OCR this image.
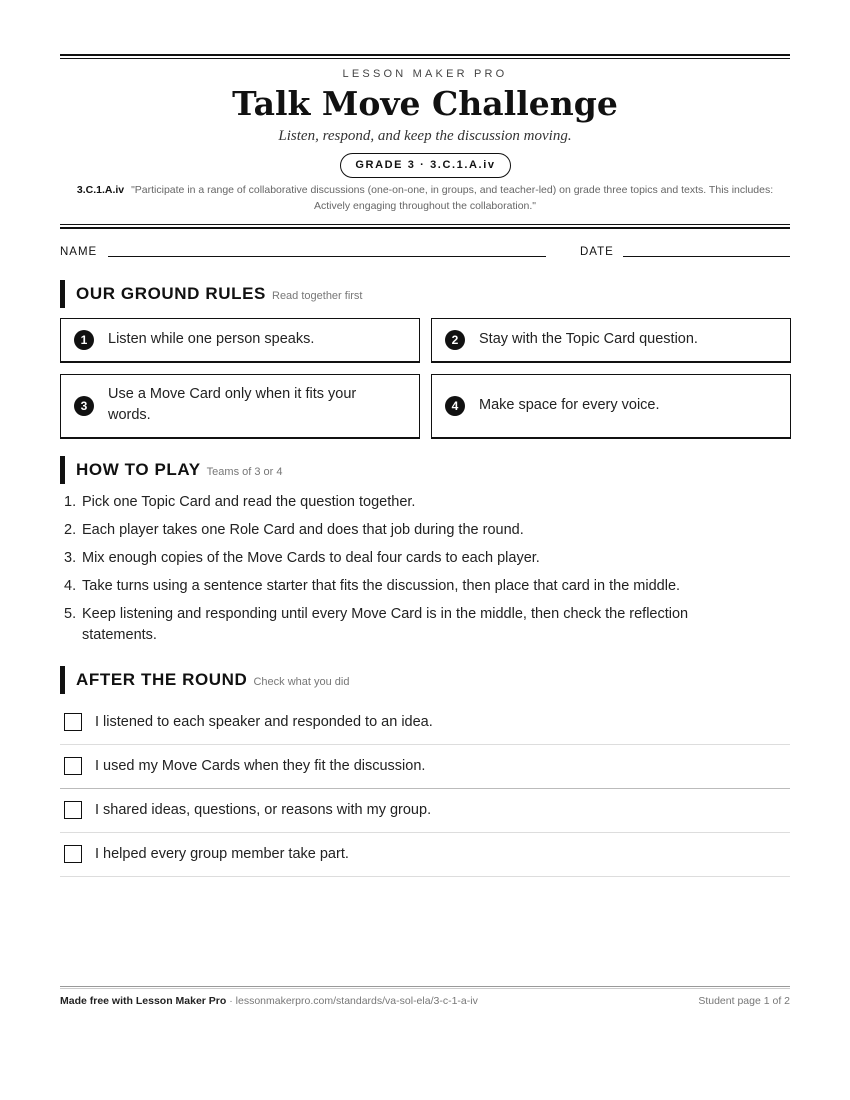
LESSON MAKER PRO
Talk Move Challenge
Listen, respond, and keep the discussion moving.
GRADE 3 · 3.C.1.A.iv
3.C.1.A.iv "Participate in a range of collaborative discussions (one-on-one, in groups, and teacher-led) on grade three topics and texts. This includes: Actively engaging throughout the collaboration."
NAME	DATE
OUR GROUND RULES Read together first
1	Listen while one person speaks.	2	Stay with the Topic Card question.
3
Use a Move Card only when it fits your words.
4	Make space for every voice.
HOW TO PLAY Teams of 3 or 4
1. Pick one Topic Card and read the question together.
2. Each player takes one Role Card and does that job during the round.
3. Mix enough copies of the Move Cards to deal four cards to each player.
4. Take turns using a sentence starter that fits the discussion, then place that card in the middle.
5. Keep listening and responding until every Move Card is in the middle, then check the reflection statements.
AFTER THE ROUND Check what you did
I listened to each speaker and responded to an idea.
I used my Move Cards when they fit the discussion.
I shared ideas, questions, or reasons with my group.
I helped every group member take part.
Made free with Lesson Maker Pro · lessonmakerpro.com/standards/va-sol-ela/3-c-1-a-iv	Student page 1 of 2
